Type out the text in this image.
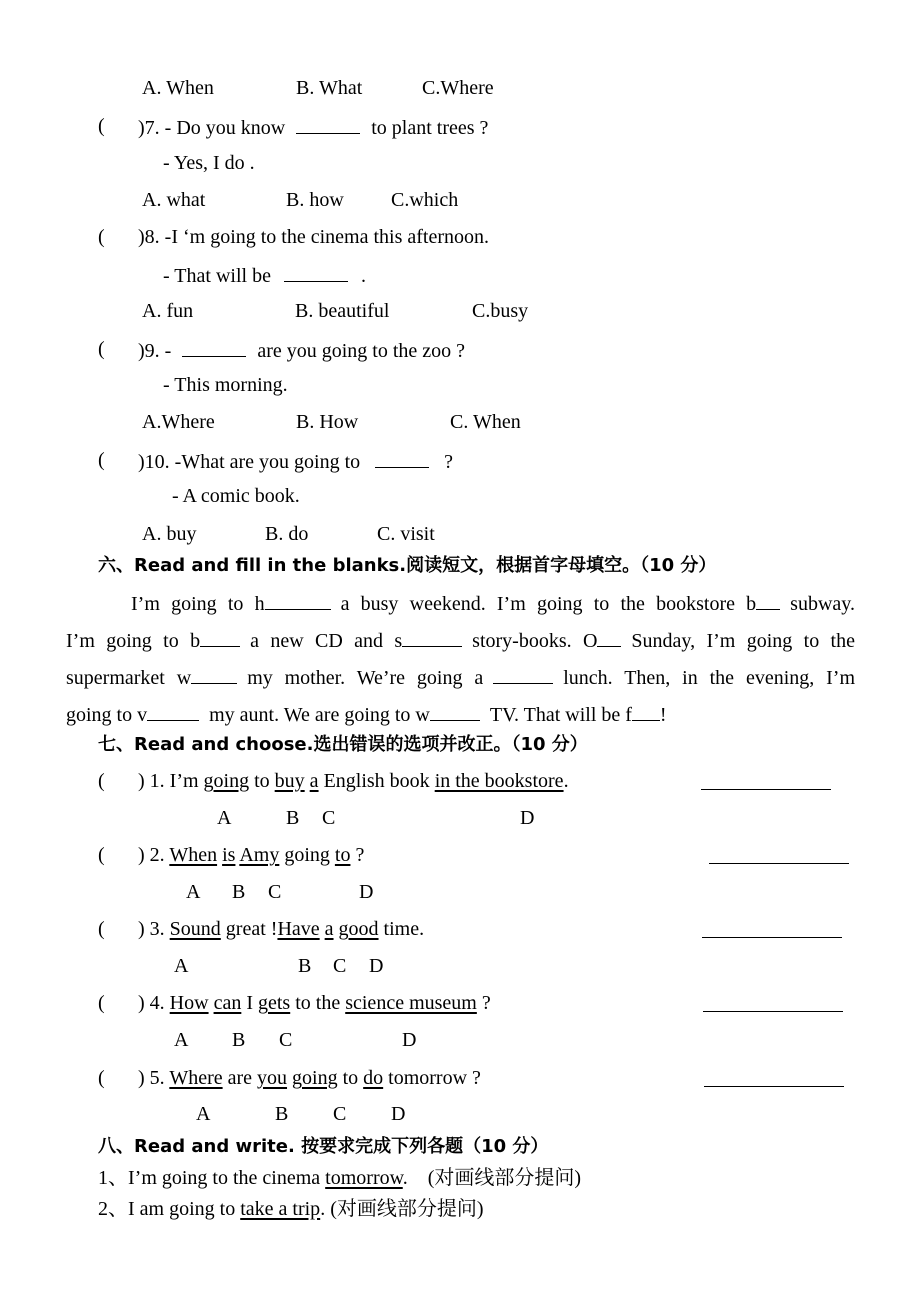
A. When	B. What	C.Where
( )7. - Do you know	to plant trees ?
- Yes, I do .
A. what	B. how C.which
( )8. -I ‘m going to the cinema this afternoon.
- That will be	.
A. fun	B. beautiful	C.busy
( )9. -	are you going to the zoo ?
- This morning.
A.Where	B. How	C. When
( )10. -What are you going to	?
- A comic book.
A. buy	B. do	C. visit
六、Read and fill in the blanks.阅读短文，根据首字母填空。（10 分）
I’m going to h	a busy weekend. I’m going to the bookstore b subway.
I’m going to b	a new CD and s	story-books. O Sunday, I’m going to the
supermarket w	my mother. We’re going a	lunch. Then, in the evening, I’m
going to v	my aunt. We are going to w	TV. That will be f !
七、Read and choose.选出错误的选项并改正。（10 分）
( ) 1. I’m going to buy a English book in the bookstore.
A	B C	D
( ) 2. When is Amy going to ?
A B C	D
( ) 3. Sound great !Have a good time.
A	B C D
( ) 4. How can I gets to the science museum ?
A B C	D
( ) 5. Where are you going to do tomorrow ?
A	B C D
八、Read and write. 按要求完成下列各题（10 分）
1、I’m going to the cinema tomorrow. (对画线部分提问)
2、I am going to take a trip. (对画线部分提问)
